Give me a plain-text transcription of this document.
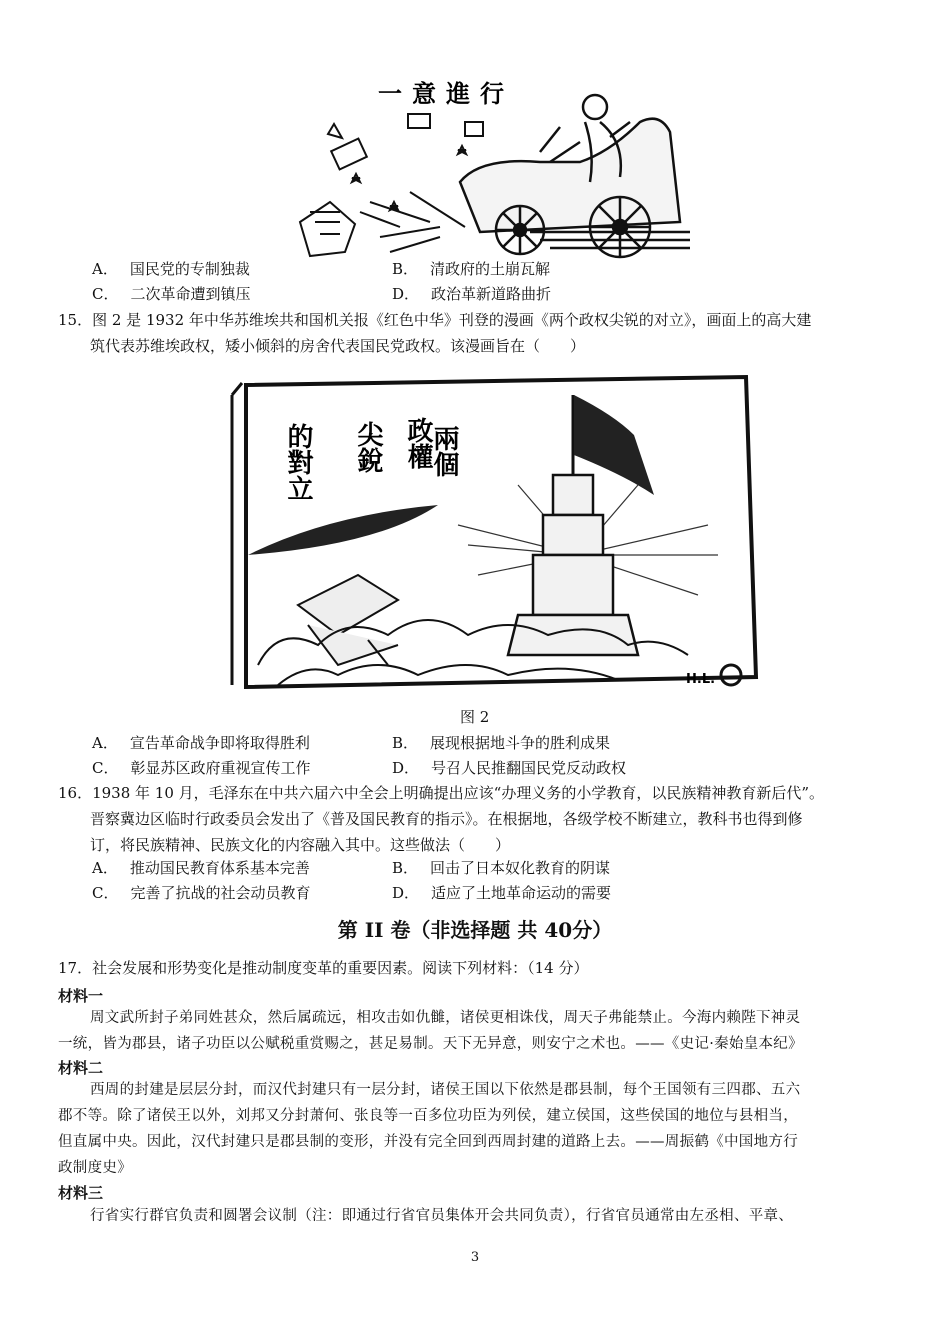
一意進行
A． 国民党的专制独裁	B． 清政府的土崩瓦解
C． 二次革命遭到镇压	D． 政治革新道路曲折
15．图 2 是 1932 年中华苏维埃共和国机关报《红色中华》刊登的漫画《两个政权尖锐的对立》，画面上的高大建
筑代表苏维埃政权，矮小倾斜的房舍代表国民党政权。该漫画旨在（　　）
兩個
政權
尖銳
的對立
H.L.
图 2
A． 宣告革命战争即将取得胜利	B． 展现根据地斗争的胜利成果
C． 彰显苏区政府重视宣传工作	D． 号召人民推翻国民党反动政权
16．1938 年 10 月，毛泽东在中共六届六中全会上明确提出应该“办理义务的小学教育，以民族精神教育新后代”。
晋察冀边区临时行政委员会发出了《普及国民教育的指示》。在根据地，各级学校不断建立，教科书也得到修
订，将民族精神、民族文化的内容融入其中。这些做法（　　）
A． 推动国民教育体系基本完善	B． 回击了日本奴化教育的阴谋
C． 完善了抗战的社会动员教育	D． 适应了土地革命运动的需要
第 II 卷（非选择题 共 40分）
17．社会发展和形势变化是推动制度变革的重要因素。阅读下列材料：（14 分）
材料一
周文武所封子弟同姓甚众，然后属疏远，相攻击如仇雠，诸侯更相诛伐，周天子弗能禁止。今海内赖陛下神灵
一统，皆为郡县，诸子功臣以公赋税重赏赐之，甚足易制。天下无异意，则安宁之术也。——《史记·秦始皇本纪》
材料二
西周的封建是层层分封，而汉代封建只有一层分封，诸侯王国以下依然是郡县制，每个王国领有三四郡、五六
郡不等。除了诸侯王以外，刘邦又分封萧何、张良等一百多位功臣为列侯，建立侯国，这些侯国的地位与县相当，
但直属中央。因此，汉代封建只是郡县制的变形，并没有完全回到西周封建的道路上去。——周振鹤《中国地方行
政制度史》
材料三
行省实行群官负责和圆署会议制（注：即通过行省官员集体开会共同负责），行省官员通常由左丞相、平章、
3
